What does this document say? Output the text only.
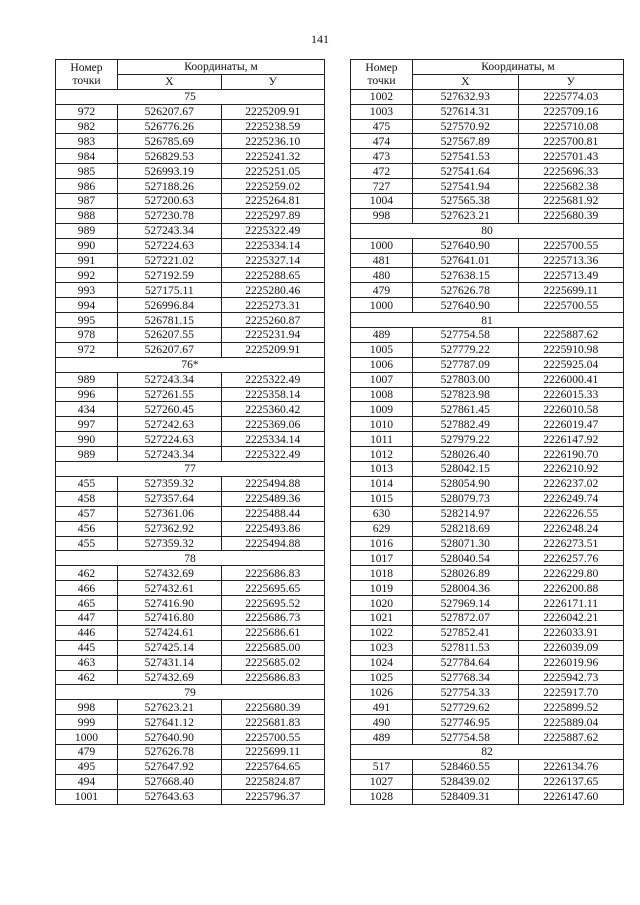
141
Номер точки	Координаты, м	
	X	У
75		
972	526207.67	2225209.91
982	526776.26	2225238.59
983	526785.69	2225236.10
984	526829.53	2225241.32
985	526993.19	2225251.05
986	527188.26	2225259.02
987	527200.63	2225264.81
988	527230.78	2225297.89
989	527243.34	2225322.49
990	527224.63	2225334.14
991	527221.02	2225327.14
992	527192.59	2225288.65
993	527175.11	2225280.46
994	526996.84	2225273.31
995	526781.15	2225260.87
978	526207.55	2225231.94
972	526207.67	2225209.91
76*		
989	527243.34	2225322.49
996	527261.55	2225358.14
434	527260.45	2225360.42
997	527242.63	2225369.06
990	527224.63	2225334.14
989	527243.34	2225322.49
77		
455	527359.32	2225494.88
458	527357.64	2225489.36
457	527361.06	2225488.44
456	527362.92	2225493.86
455	527359.32	2225494.88
78		
462	527432.69	2225686.83
466	527432.61	2225695.65
465	527416.90	2225695.52
447	527416.80	2225686.73
446	527424.61	2225686.61
445	527425.14	2225685.00
463	527431.14	2225685.02
462	527432.69	2225686.83
79		
998	527623.21	2225680.39
999	527641.12	2225681.83
1000	527640.90	2225700.55
479	527626.78	2225699.11
495	527647.92	2225764.65
494	527668.40	2225824.87
1001	527643.63	2225796.37
Номер точки	Координаты, м	
	X	У
1002	527632.93	2225774.03
1003	527614.31	2225709.16
475	527570.92	2225710.08
474	527567.89	2225700.81
473	527541.53	2225701.43
472	527541.64	2225696.33
727	527541.94	2225682.38
1004	527565.38	2225681.92
998	527623.21	2225680.39
80		
1000	527640.90	2225700.55
481	527641.01	2225713.36
480	527638.15	2225713.49
479	527626.78	2225699.11
1000	527640.90	2225700.55
81		
489	527754.58	2225887.62
1005	527779.22	2225910.98
1006	527787.09	2225925.04
1007	527803.00	2226000.41
1008	527823.98	2226015.33
1009	527861.45	2226010.58
1010	527882.49	2226019.47
1011	527979.22	2226147.92
1012	528026.40	2226190.70
1013	528042.15	2226210.92
1014	528054.90	2226237.02
1015	528079.73	2226249.74
630	528214.97	2226226.55
629	528218.69	2226248.24
1016	528071.30	2226273.51
1017	528040.54	2226257.76
1018	528026.89	2226229.80
1019	528004.36	2226200.88
1020	527969.14	2226171.11
1021	527872.07	2226042.21
1022	527852.41	2226033.91
1023	527811.53	2226039.09
1024	527784.64	2226019.96
1025	527768.34	2225942.73
1026	527754.33	2225917.70
491	527729.62	2225899.52
490	527746.95	2225889.04
489	527754.58	2225887.62
82		
517	528460.55	2226134.76
1027	528439.02	2226137.65
1028	528409.31	2226147.60
